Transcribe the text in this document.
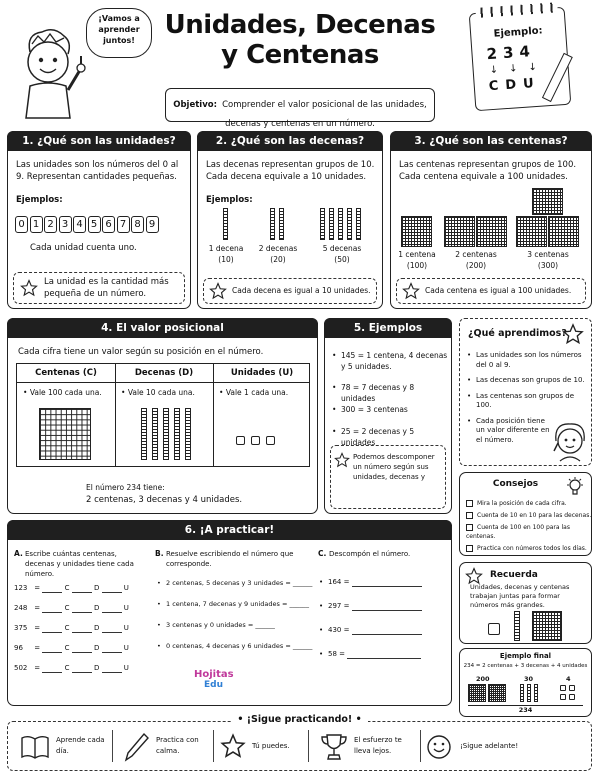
¡Vamos a aprender juntos!
Unidades, Decenas
y Centenas
Objetivo: Comprender el valor posicional de las unidades, decenas y centenas en un número.
Ejemplo:
234
↓↓↓
CDU
1. ¿Qué son las unidades?
Las unidades son los números del 0 al 9. Representan cantidades pequeñas.
Ejemplos:
0 1 2 3 4 5 6 7 8 9
Cada unidad cuenta uno.
La unidad es la cantidad más pequeña de un número.
2. ¿Qué son las decenas?
Las decenas representan grupos de 10. Cada decena equivale a 10 unidades.
Ejemplos:
1 decena
(10)
2 decenas
(20)
5 decenas
(50)
Cada decena es igual a 10 unidades.
3. ¿Qué son las centenas?
Las centenas representan grupos de 100. Cada centena equivale a 100 unidades.
1 centena
(100)
2 centenas
(200)
3 centenas
(300)
Cada centena es igual a 100 unidades.
4. El valor posicional
Cada cifra tiene un valor según su posición en el número.
Centenas (C)	Decenas (D)	Unidades (U)
• Vale 100 cada una.	• Vale 10 cada una.	• Vale 1 cada una.
El número 234 tiene:
2 centenas, 3 decenas y 4 unidades.
5. Ejemplos
• 145 = 1 centena, 4 decenas y 5 unidades.
• 78 = 7 decenas y 8 unidades
• 300 = 3 centenas
• 25 = 2 decenas y 5 unidades
Podemos descomponer un número según sus unidades, decenas y
¿Qué aprendimos?
• Las unidades son los números del 0 al 9.
• Las decenas son grupos de 10.
• Las centenas son grupos de 100.
• Cada posición tiene un valor diferente en el número.
Consejos
Mira la posición de cada cifra.
Cuenta de 10 en 10 para las decenas.
Cuenta de 100 en 100 para las centenas.
Practica con números todos los días.
Recuerda
Unidades, decenas y centenas trabajan juntas para formar números más grandes.
Ejemplo final
234 = 2 centenas + 3 decenas + 4 unidades
200	30	4
234
6. ¡A practicar!
A. Escribe cuántas centenas, decenas y unidades tiene cada número.
123 =	C	D	U
248 =	C	D	U
375 =	C	D	U
96 =	C	D	U
502 =	C	D	U
B. Resuelve escribiendo el número que corresponde.
• 2 centenas, 5 decenas y 3 unidades = ______
• 1 centena, 7 decenas y 9 unidades = ______
• 3 centenas y 0 unidades = ______
• 0 centenas, 4 decenas y 6 unidades = ______
Hojitas
Edu
C. Descompón el número.
• 164 =
• 297 =
• 430 =
• 58 =
• ¡Sigue practicando! •
Aprende cada día.
Practica con calma.
Tú puedes.
El esfuerzo te lleva lejos.
¡Sigue adelante!
